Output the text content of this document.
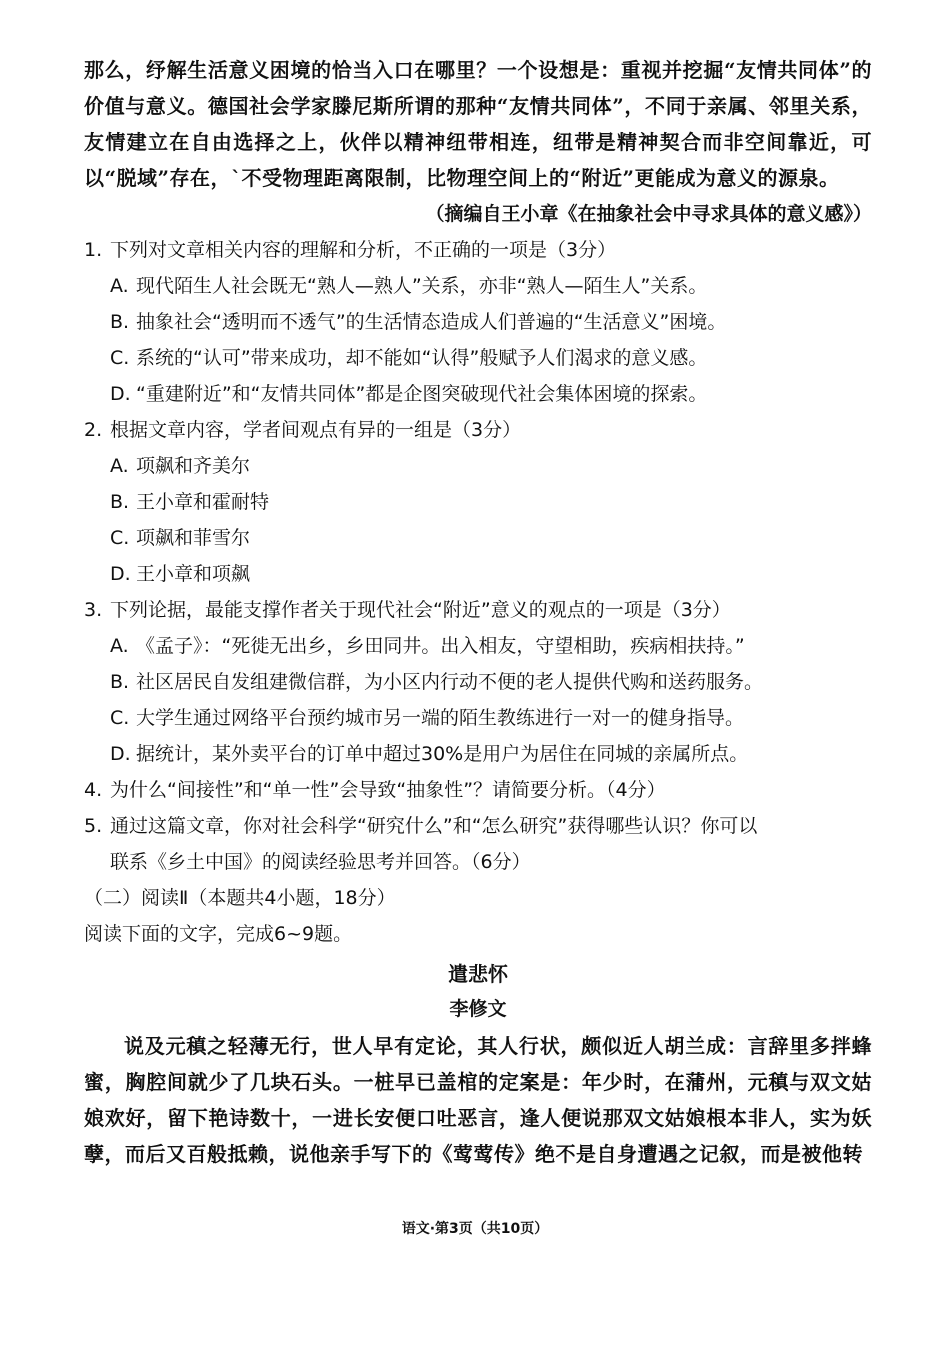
那么，纾解生活意义困境的恰当入口在哪里？一个设想是：重视并挖掘“友情共同体”的价值与意义。德国社会学家滕尼斯所谓的那种“友情共同体”，不同于亲属、邻里关系，友情建立在自由选择之上，伙伴以精神纽带相连，纽带是精神契合而非空间靠近，可以“脱域”存在，`不受物理距离限制，比物理空间上的“附近”更能成为意义的源泉。

（摘编自王小章《在抽象社会中寻求具体的意义感》）

1. 下列对文章相关内容的理解和分析，不正确的一项是（3分）

A. 现代陌生人社会既无“熟人—熟人”关系，亦非“熟人—陌生人”关系。

B. 抽象社会“透明而不透气”的生活情态造成人们普遍的“生活意义”困境。

C. 系统的“认可”带来成功，却不能如“认得”般赋予人们渴求的意义感。

D. “重建附近”和“友情共同体”都是企图突破现代社会集体困境的探索。

2. 根据文章内容，学者间观点有异的一组是（3分）

A. 项飙和齐美尔

B. 王小章和霍耐特

C. 项飙和菲雪尔

D. 王小章和项飙

3. 下列论据，最能支撑作者关于现代社会“附近”意义的观点的一项是（3分）

A. 《孟子》：“死徙无出乡，乡田同井。出入相友，守望相助，疾病相扶持。”

B. 社区居民自发组建微信群，为小区内行动不便的老人提供代购和送药服务。

C. 大学生通过网络平台预约城市另一端的陌生教练进行一对一的健身指导。

D. 据统计，某外卖平台的订单中超过30%是用户为居住在同城的亲属所点。

4. 为什么“间接性”和“单一性”会导致“抽象性”？请简要分析。（4分）

5. 通过这篇文章，你对社会科学“研究什么”和“怎么研究”获得哪些认识？你可以

联系《乡土中国》的阅读经验思考并回答。（6分）

（二）阅读Ⅱ（本题共4小题，18分）

阅读下面的文字，完成6~9题。

遣悲怀

李修文

说及元稹之轻薄无行，世人早有定论，其人行状，颇似近人胡兰成：言辞里多拌蜂蜜，胸腔间就少了几块石头。一桩早已盖棺的定案是：年少时，在蒲州，元稹与双文姑娘欢好，留下艳诗数十，一进长安便口吐恶言，逢人便说那双文姑娘根本非人，实为妖孽，而后又百般抵赖，说他亲手写下的《莺莺传》绝不是自身遭遇之记叙，而是被他转

语文·第3页（共10页）
